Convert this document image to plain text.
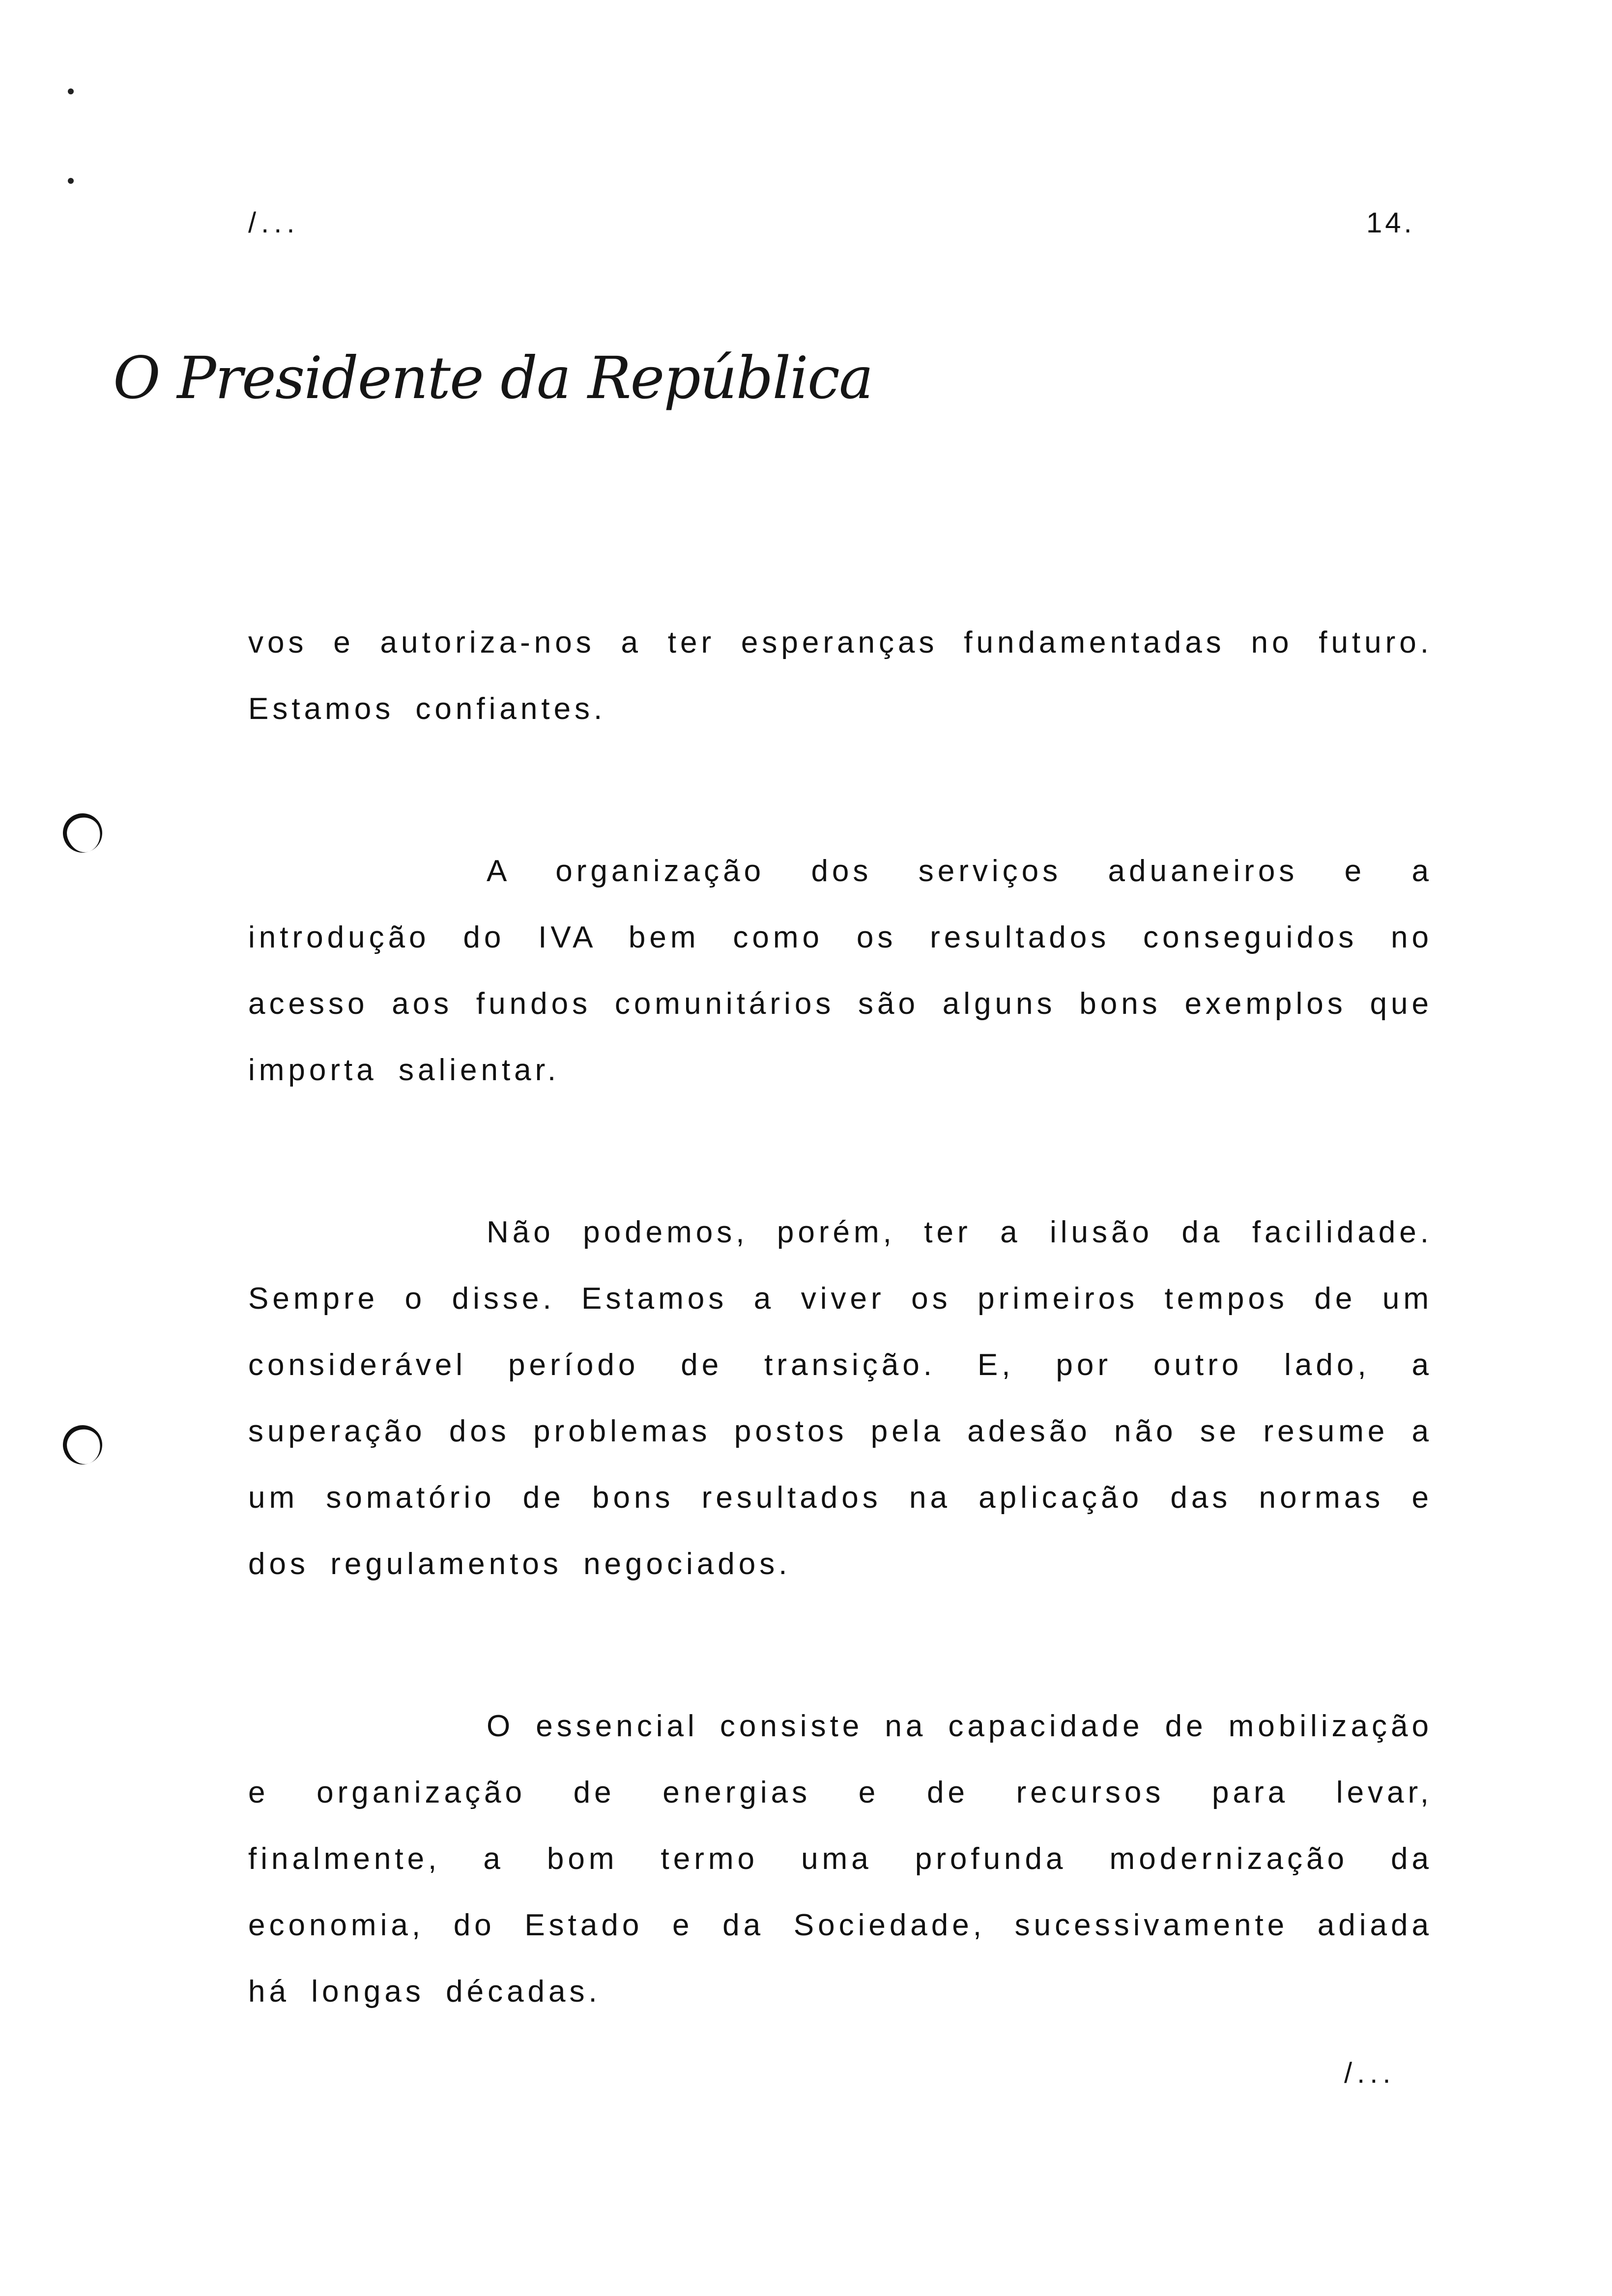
/...	14.
O Presidente da República

vos e autoriza-nos a ter esperanças fundamentadas no futuro. Estamos confiantes.

A organização dos serviços aduaneiros e a introdução do IVA bem como os resultados conseguidos no acesso aos fundos comunitários são alguns bons exemplos que importa salientar.

Não podemos, porém, ter a ilusão da facilidade. Sempre o disse. Estamos a viver os primeiros tempos de um considerável período de transição. E, por outro lado, a superação dos problemas postos pela adesão não se resume a um somatório de bons resultados na aplicação das normas e dos regulamentos negociados.

O essencial consiste na capacidade de mobilização e organização de energias e de recursos para levar, finalmente, a bom termo uma profunda modernização da economia, do Estado e da Sociedade, sucessivamente adiada há longas décadas.

/...
